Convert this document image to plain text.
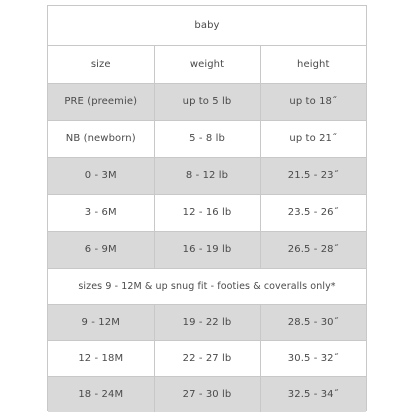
baby		
size	weight	height
PRE (preemie)	up to 5 lb	up to 18˝
NB (newborn)	5 - 8 lb	up to 21˝
0 - 3M	8 - 12 lb	21.5 - 23˝
3 - 6M	12 - 16 lb	23.5 - 26˝
6 - 9M	16 - 19 lb	26.5 - 28˝
sizes 9 - 12M & up snug fit - footies & coveralls only*		
9 - 12M	19 - 22 lb	28.5 - 30˝
12 - 18M	22 - 27 lb	30.5 - 32˝
18 - 24M	27 - 30 lb	32.5 - 34˝
